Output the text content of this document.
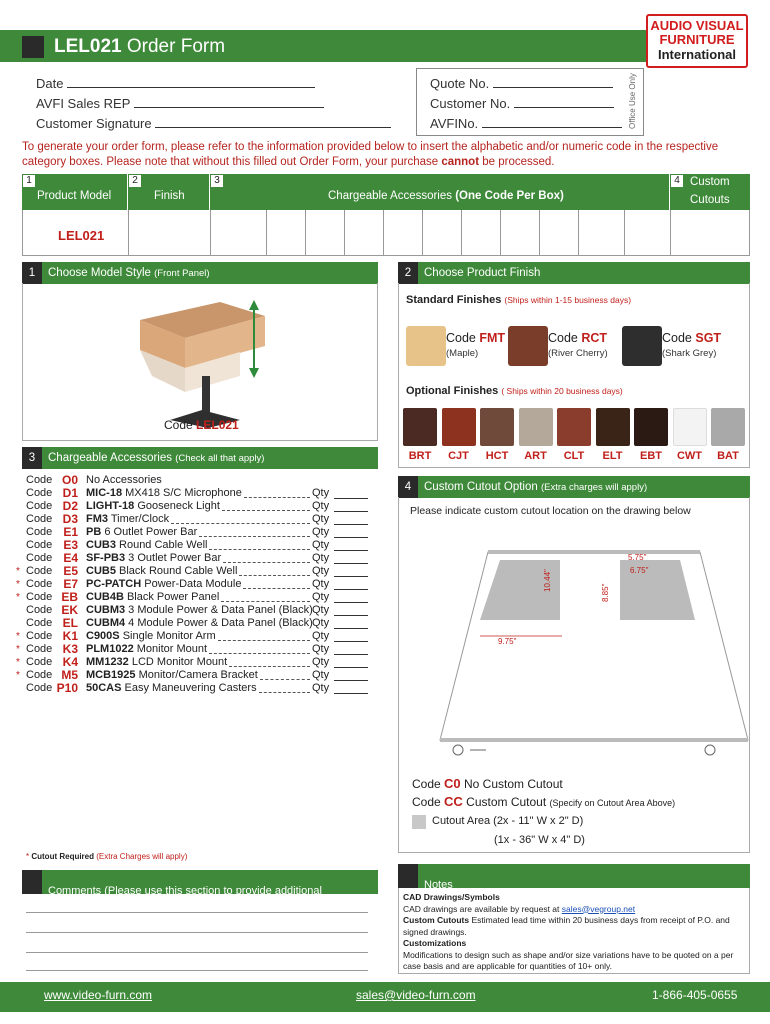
LEL021 Order Form
AUDIO VISUAL
FURNITURE
International
Date
AVFI Sales REP
Customer Signature	Office Use Only
Quote No.
Customer No.
AVFINo.
To generate your order form, please refer to the information provided below to insert the alphabetic and/or numeric code in the respective category boxes. Please note that without this filled out Order Form, your purchase cannot be processed.
1
Product Model
2
Finish
3
Chargeable Accessories (One Code Per Box)
4 Custom
Cutouts
LEL021
1 Choose Model Style (Front Panel)
Code LEL021
2 Choose Product Finish
Standard Finishes (Ships within 1-15 business days)
Code FMT
(Maple)
Code RCT
(River Cherry)
Code SGT
(Shark Grey)
Optional Finishes ( Ships within 20 business days)
BRT	CJT	HCT	ART	CLT	ELT	EBT	CWT	BAT
3 Chargeable Accessories (Check all that apply)
Code O0 No Accessories
Code D1 MIC-18 MX418 S/C Microphone	Qty
Code D2 LIGHT-18 Gooseneck Light	Qty
Code D3 FM3 Timer/Clock	Qty
Code E1 PB 6 Outlet Power Bar	Qty
Code E3 CUB3 Round Cable Well	Qty
Code E4 SF-PB3 3 Outlet Power Bar	Qty
* Code E5 CUB5 Black Round Cable Well	Qty
* Code E7 PC-PATCH Power-Data Module	Qty
* Code EB CUB4B Black Power Panel	Qty
Code EK CUBM3 3 Module Power & Data Panel (Black) Qty
Code EL CUBM4 4 Module Power & Data Panel (Black) Qty
* Code K1 C900S Single Monitor Arm	Qty
* Code K3 PLM1022 Monitor Mount	Qty
* Code K4 MM1232 LCD Monitor Mount	Qty
* Code M5 MCB1925 Monitor/Camera Bracket	Qty
Code P10 50CAS Easy Maneuvering Casters	Qty
* Cutout Required (Extra Charges will apply)
4 Custom Cutout Option (Extra charges will apply)
Please indicate custom cutout location on the drawing below
5.75"
6.75"
10.44"
8.85"
9.75"
Code C0 No Custom Cutout
Code CC Custom Cutout (Specify on Cutout Area Above)
Cutout Area (2x - 11" W x 2" D)
(1x - 36" W x 4" D)
Comments (Please use this section to provide additional information)
Notes
CAD Drawings/Symbols
CAD drawings are available by request at sales@vegroup.net
Custom Cutouts Estimated lead time within 20 business days from receipt of P.O. and signed drawings.
Customizations
Modifications to design such as shape and/or size variations have to be quoted on a per case basis and are applicable for quantities of 10+ only.
www.video-furn.com	sales@video-furn.com	1-866-405-0655
